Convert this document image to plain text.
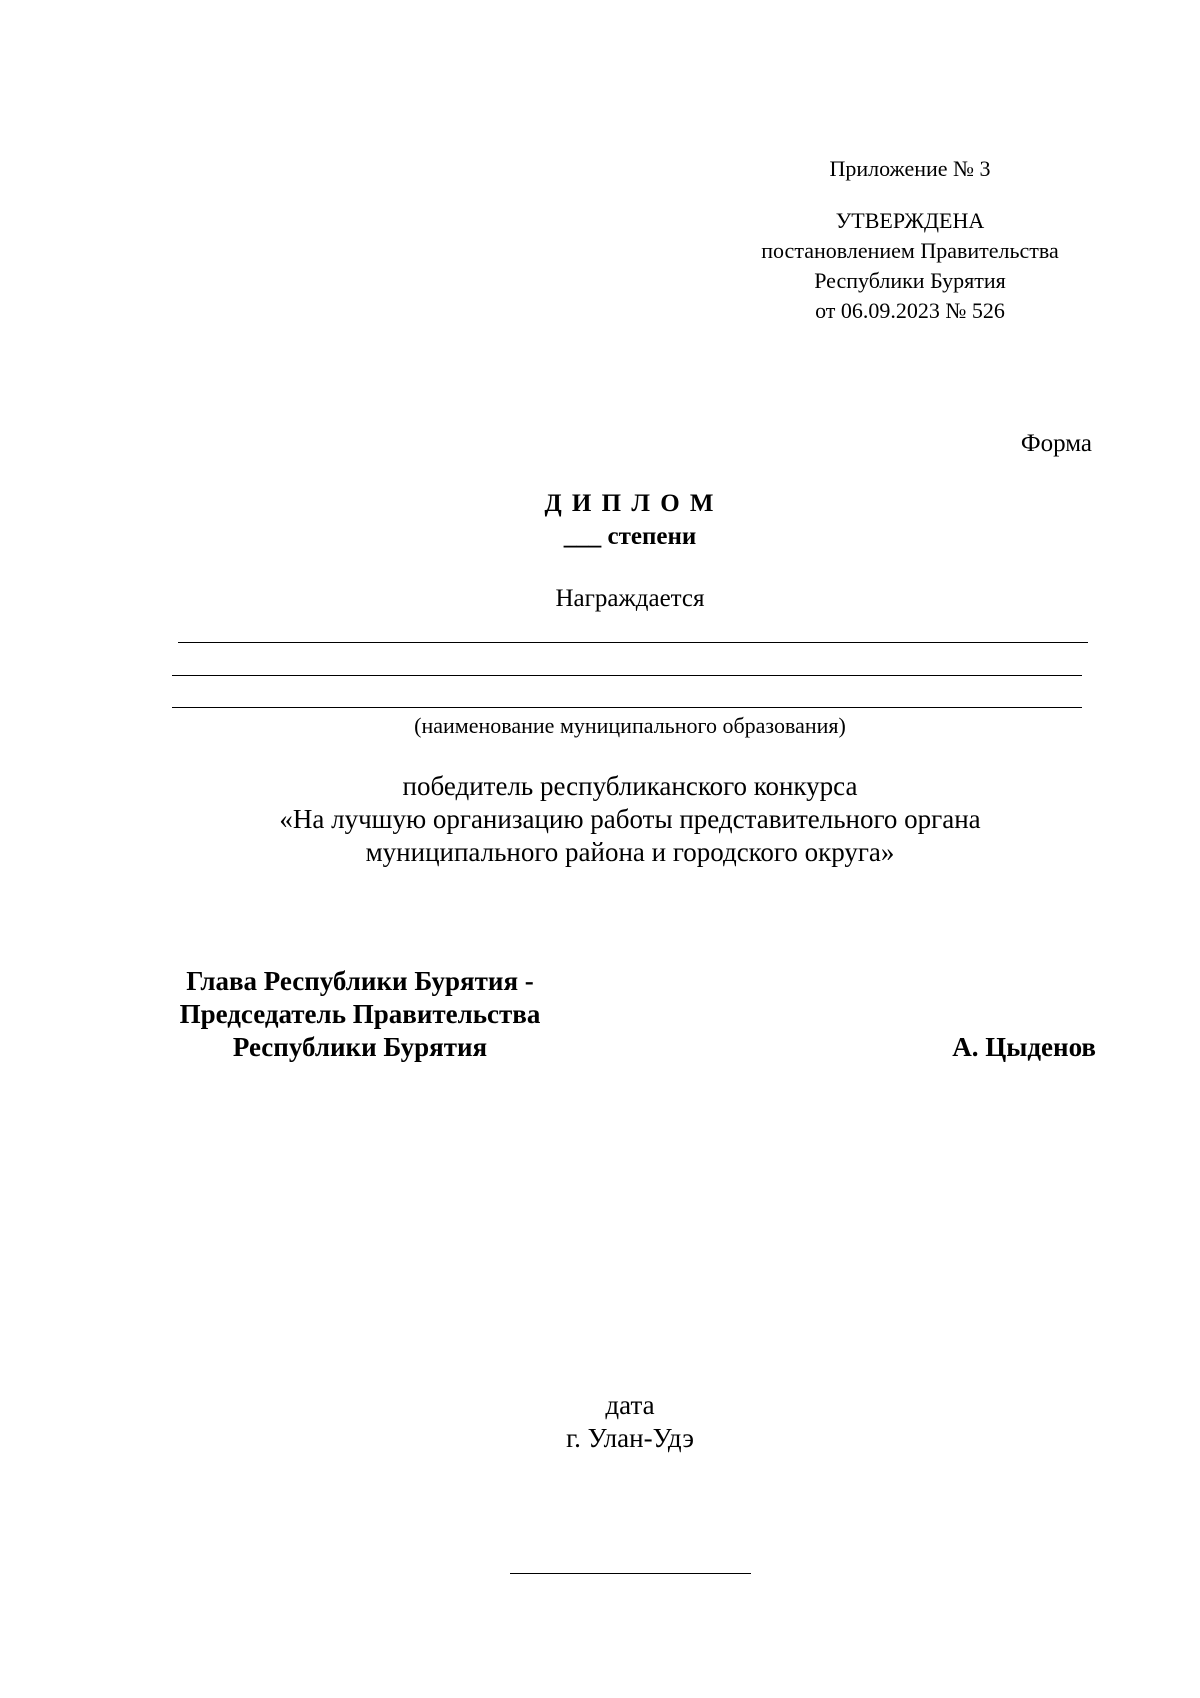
Приложение № 3
УТВЕРЖДЕНА
постановлением Правительства
Республики Бурятия
от 06.09.2023 № 526
Форма
Д И П Л О М
___ степени
Награждается
(наименование муниципального образования)
победитель республиканского конкурса
«На лучшую организацию работы представительного органа
муниципального района и городского округа»
Глава Республики Бурятия -
Председатель Правительства
Республики Бурятия	А. Цыденов
дата
г. Улан-Удэ
